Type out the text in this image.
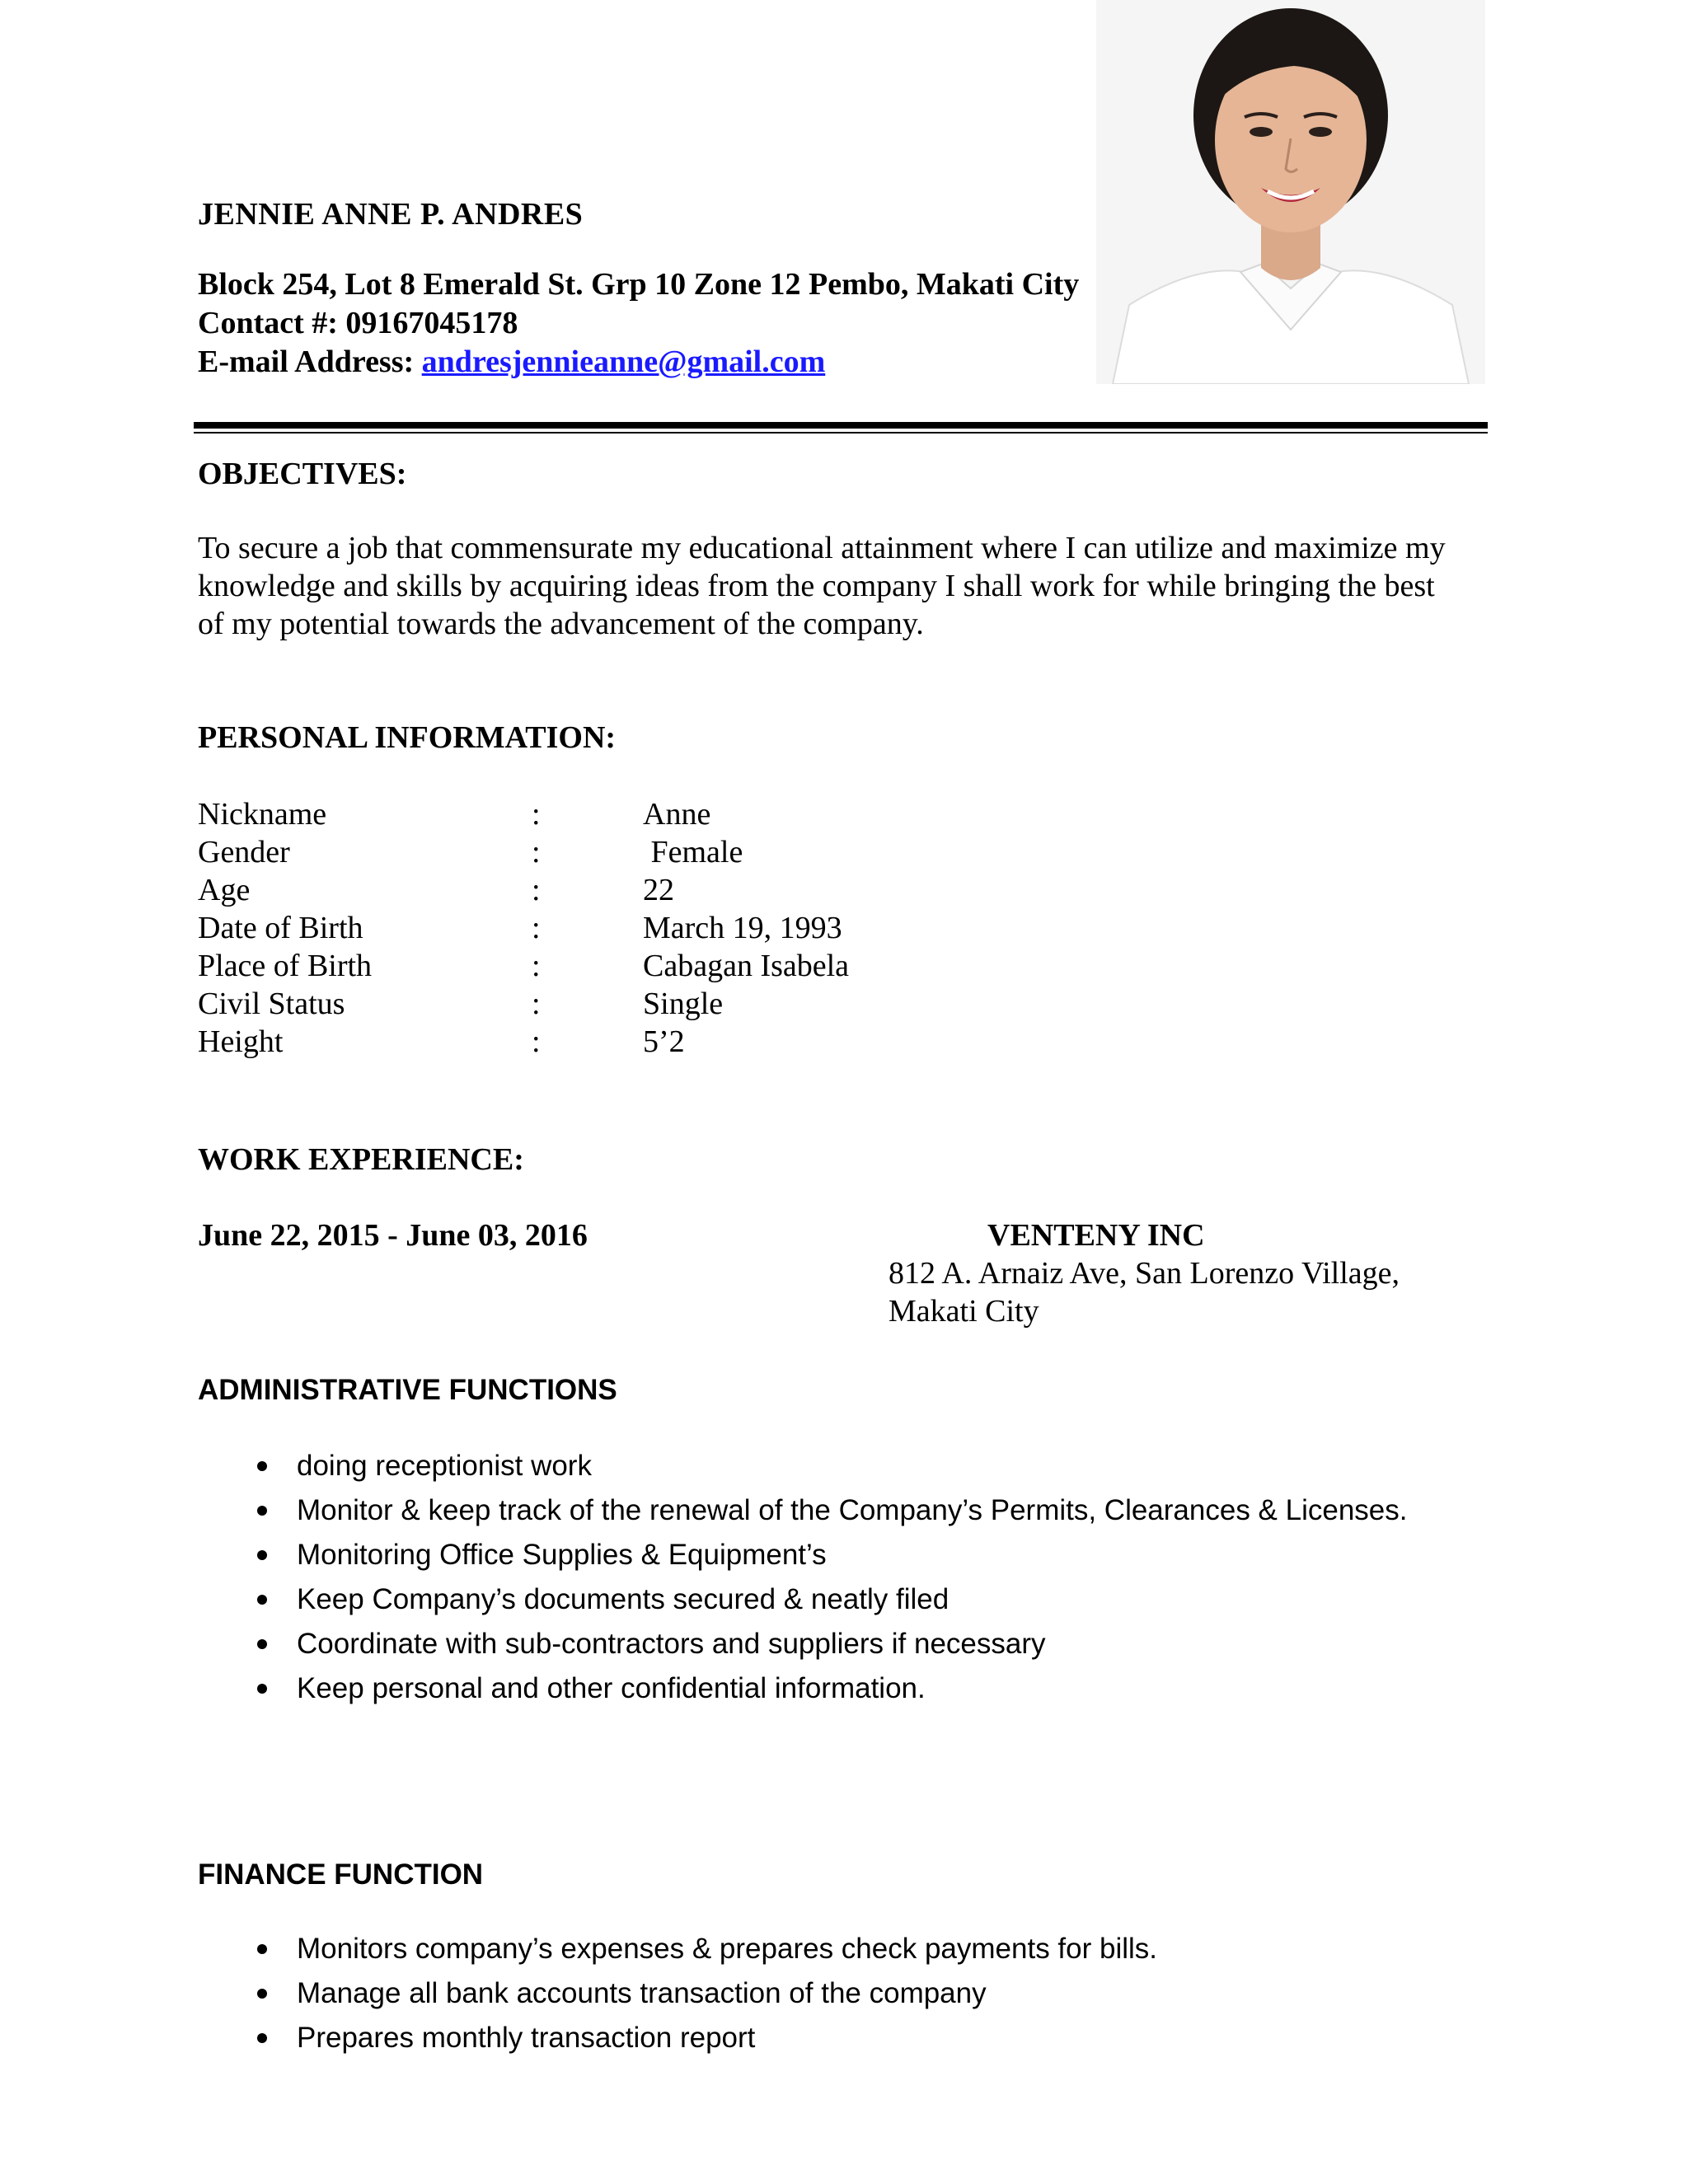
JENNIE ANNE P. ANDRES
Block 254, Lot 8 Emerald St. Grp 10 Zone 12 Pembo, Makati City
Contact #: 09167045178
E-mail Address: andresjennieanne@gmail.com
OBJECTIVES:
To secure a job that commensurate my educational attainment where I can utilize and maximize my knowledge and skills by acquiring ideas from the company I shall work for while bringing the best of my potential towards the advancement of the company.
PERSONAL INFORMATION:
Nickname	:	Anne
Gender	:	Female
Age	:	22
Date of Birth	:	March 19, 1993
Place of Birth	:	Cabagan Isabela
Civil Status	:	Single
Height	:	5’2
WORK EXPERIENCE:
June 22, 2015 - June 03, 2016	VENTENY INC
812 A. Arnaiz Ave, San Lorenzo Village,
Makati City
ADMINISTRATIVE FUNCTIONS
doing receptionist work
Monitor & keep track of the renewal of the Company’s Permits, Clearances & Licenses.
Monitoring Office Supplies & Equipment’s
Keep Company’s documents secured & neatly filed
Coordinate with sub-contractors and suppliers if necessary
Keep personal and other confidential information.
FINANCE FUNCTION
Monitors company’s expenses & prepares check payments for bills.
Manage all bank accounts transaction of the company
Prepares monthly transaction report
